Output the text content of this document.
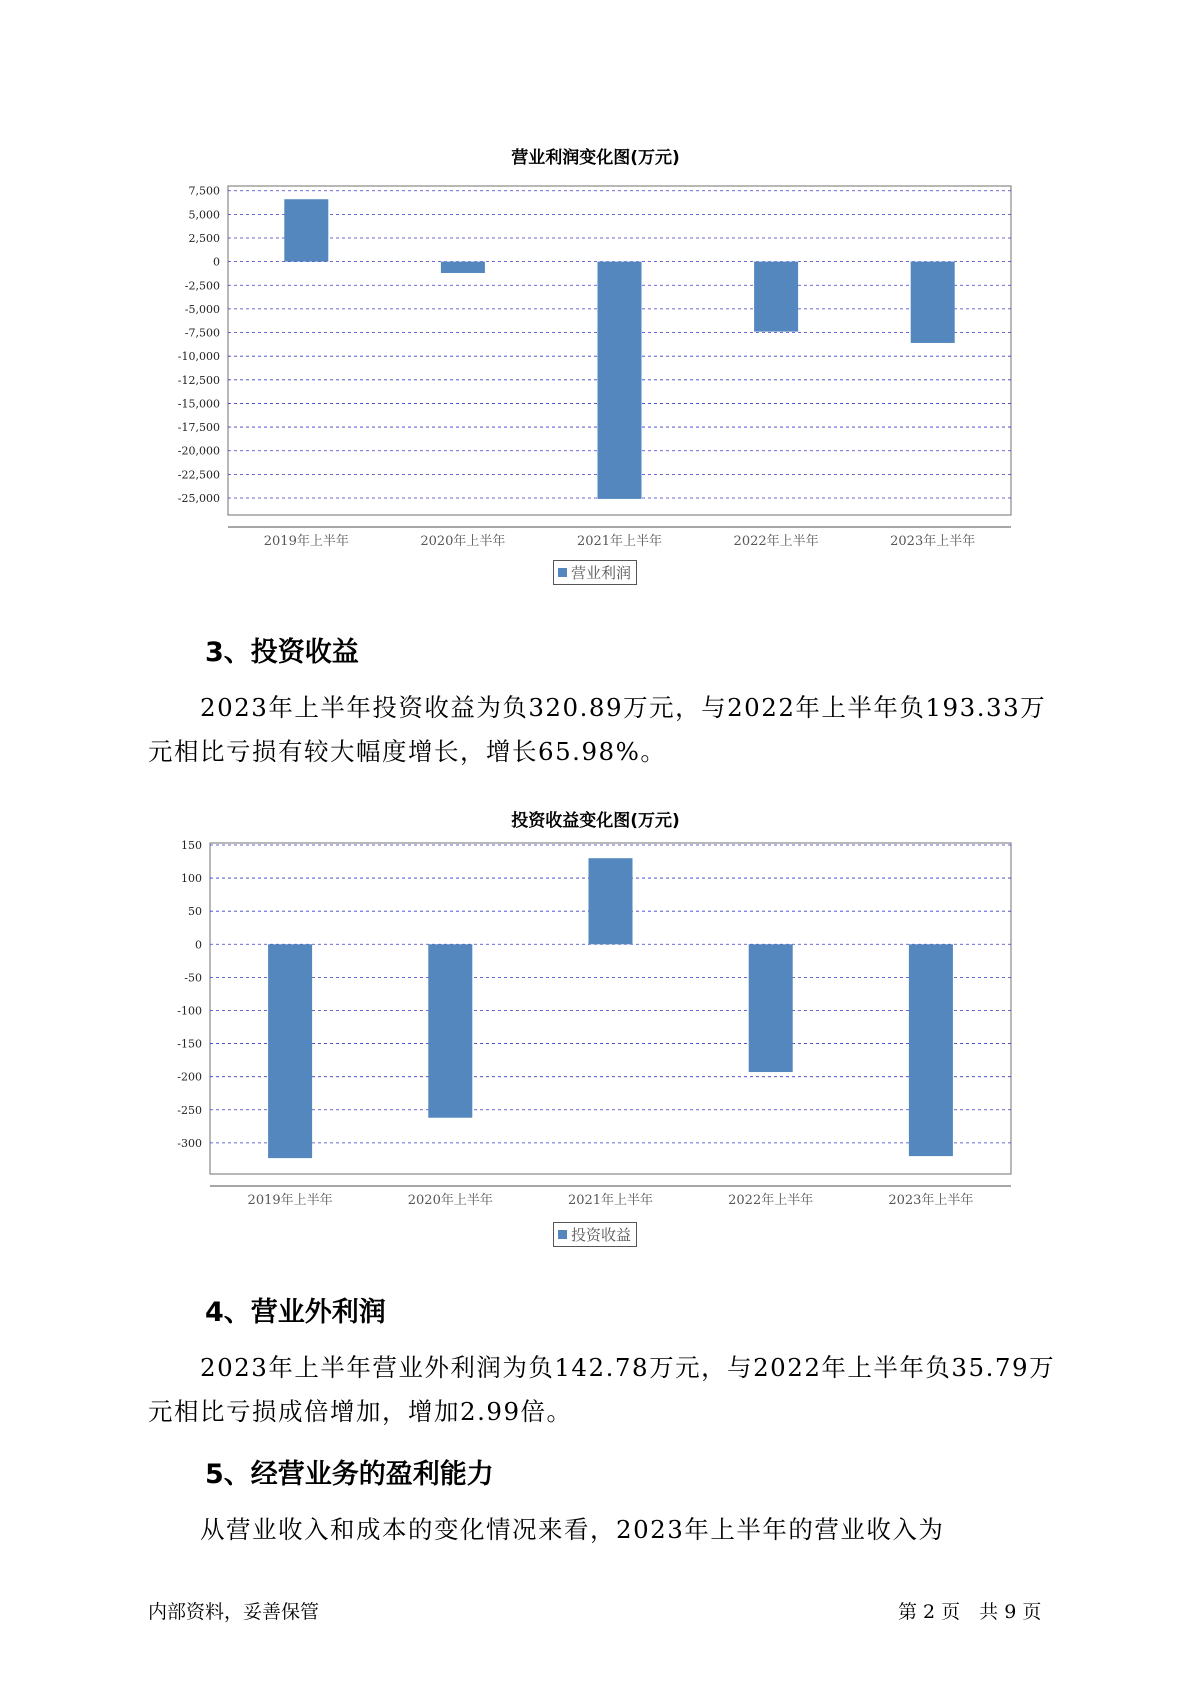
营业利润变化图(万元)
7,500
5,000
2,500
0
-2,500
-5,000
-7,500
-10,000
-12,500
-15,000
-17,500
-20,000
-22,500
-25,000
2019年上半年	2020年上半年	2021年上半年	2022年上半年	2023年上半年
营业利润
3、投资收益
2023年上半年投资收益为负320.89万元，与2022年上半年负193.33万
元相比亏损有较大幅度增长，增长65.98%。
投资收益变化图(万元)
150
100
50
0
-50
-100
-150
-200
-250
-300
2019年上半年	2020年上半年	2021年上半年	2022年上半年	2023年上半年
投资收益
4、营业外利润
2023年上半年营业外利润为负142.78万元，与2022年上半年负35.79万
元相比亏损成倍增加，增加2.99倍。
5、经营业务的盈利能力
从营业收入和成本的变化情况来看，2023年上半年的营业收入为
内部资料，妥善保管	第 2 页　共 9 页
